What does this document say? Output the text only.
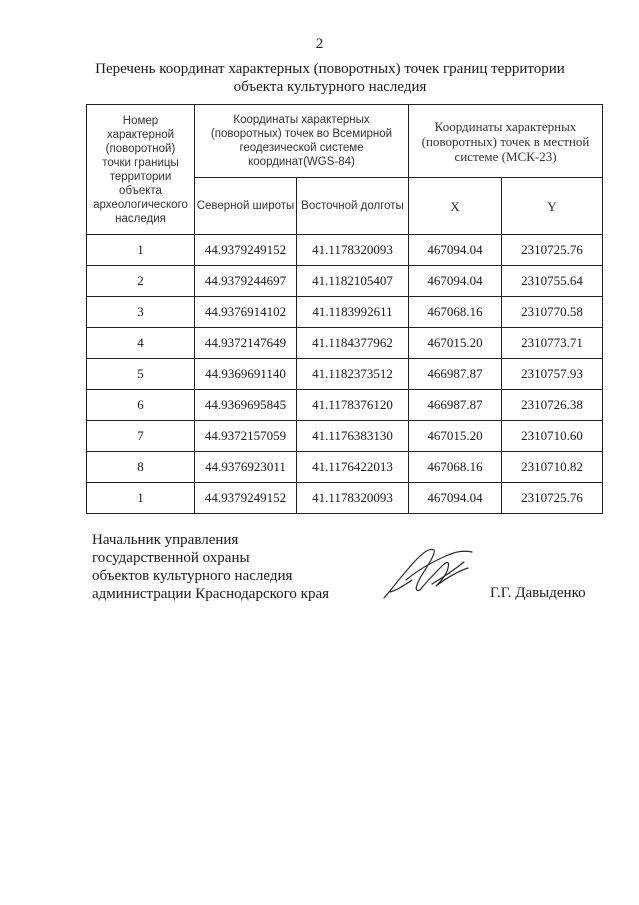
2
Перечень координат характерных (поворотных) точек границ территории
объекта культурного наследия
Номер характерной (поворотной) точки границы территории объекта археологического наследия	Координаты характерных (поворотных) точек во Всемирной геодезической системе координат(WGS-84)		Координаты характерных (поворотных) точек в местной системе (МСК-23)	
	Северной широты	Восточной долготы	X	Y
1	44.9379249152	41.1178320093	467094.04	2310725.76
2	44.9379244697	41.1182105407	467094.04	2310755.64
3	44.9376914102	41.1183992611	467068.16	2310770.58
4	44.9372147649	41.1184377962	467015.20	2310773.71
5	44.9369691140	41.1182373512	466987.87	2310757.93
6	44.9369695845	41.1178376120	466987.87	2310726.38
7	44.9372157059	41.1176383130	467015.20	2310710.60
8	44.9376923011	41.1176422013	467068.16	2310710.82
1	44.9379249152	41.1178320093	467094.04	2310725.76
Начальник управления
государственной охраны
объектов культурного наследия
администрации Краснодарского края	Г.Г. Давыденко
